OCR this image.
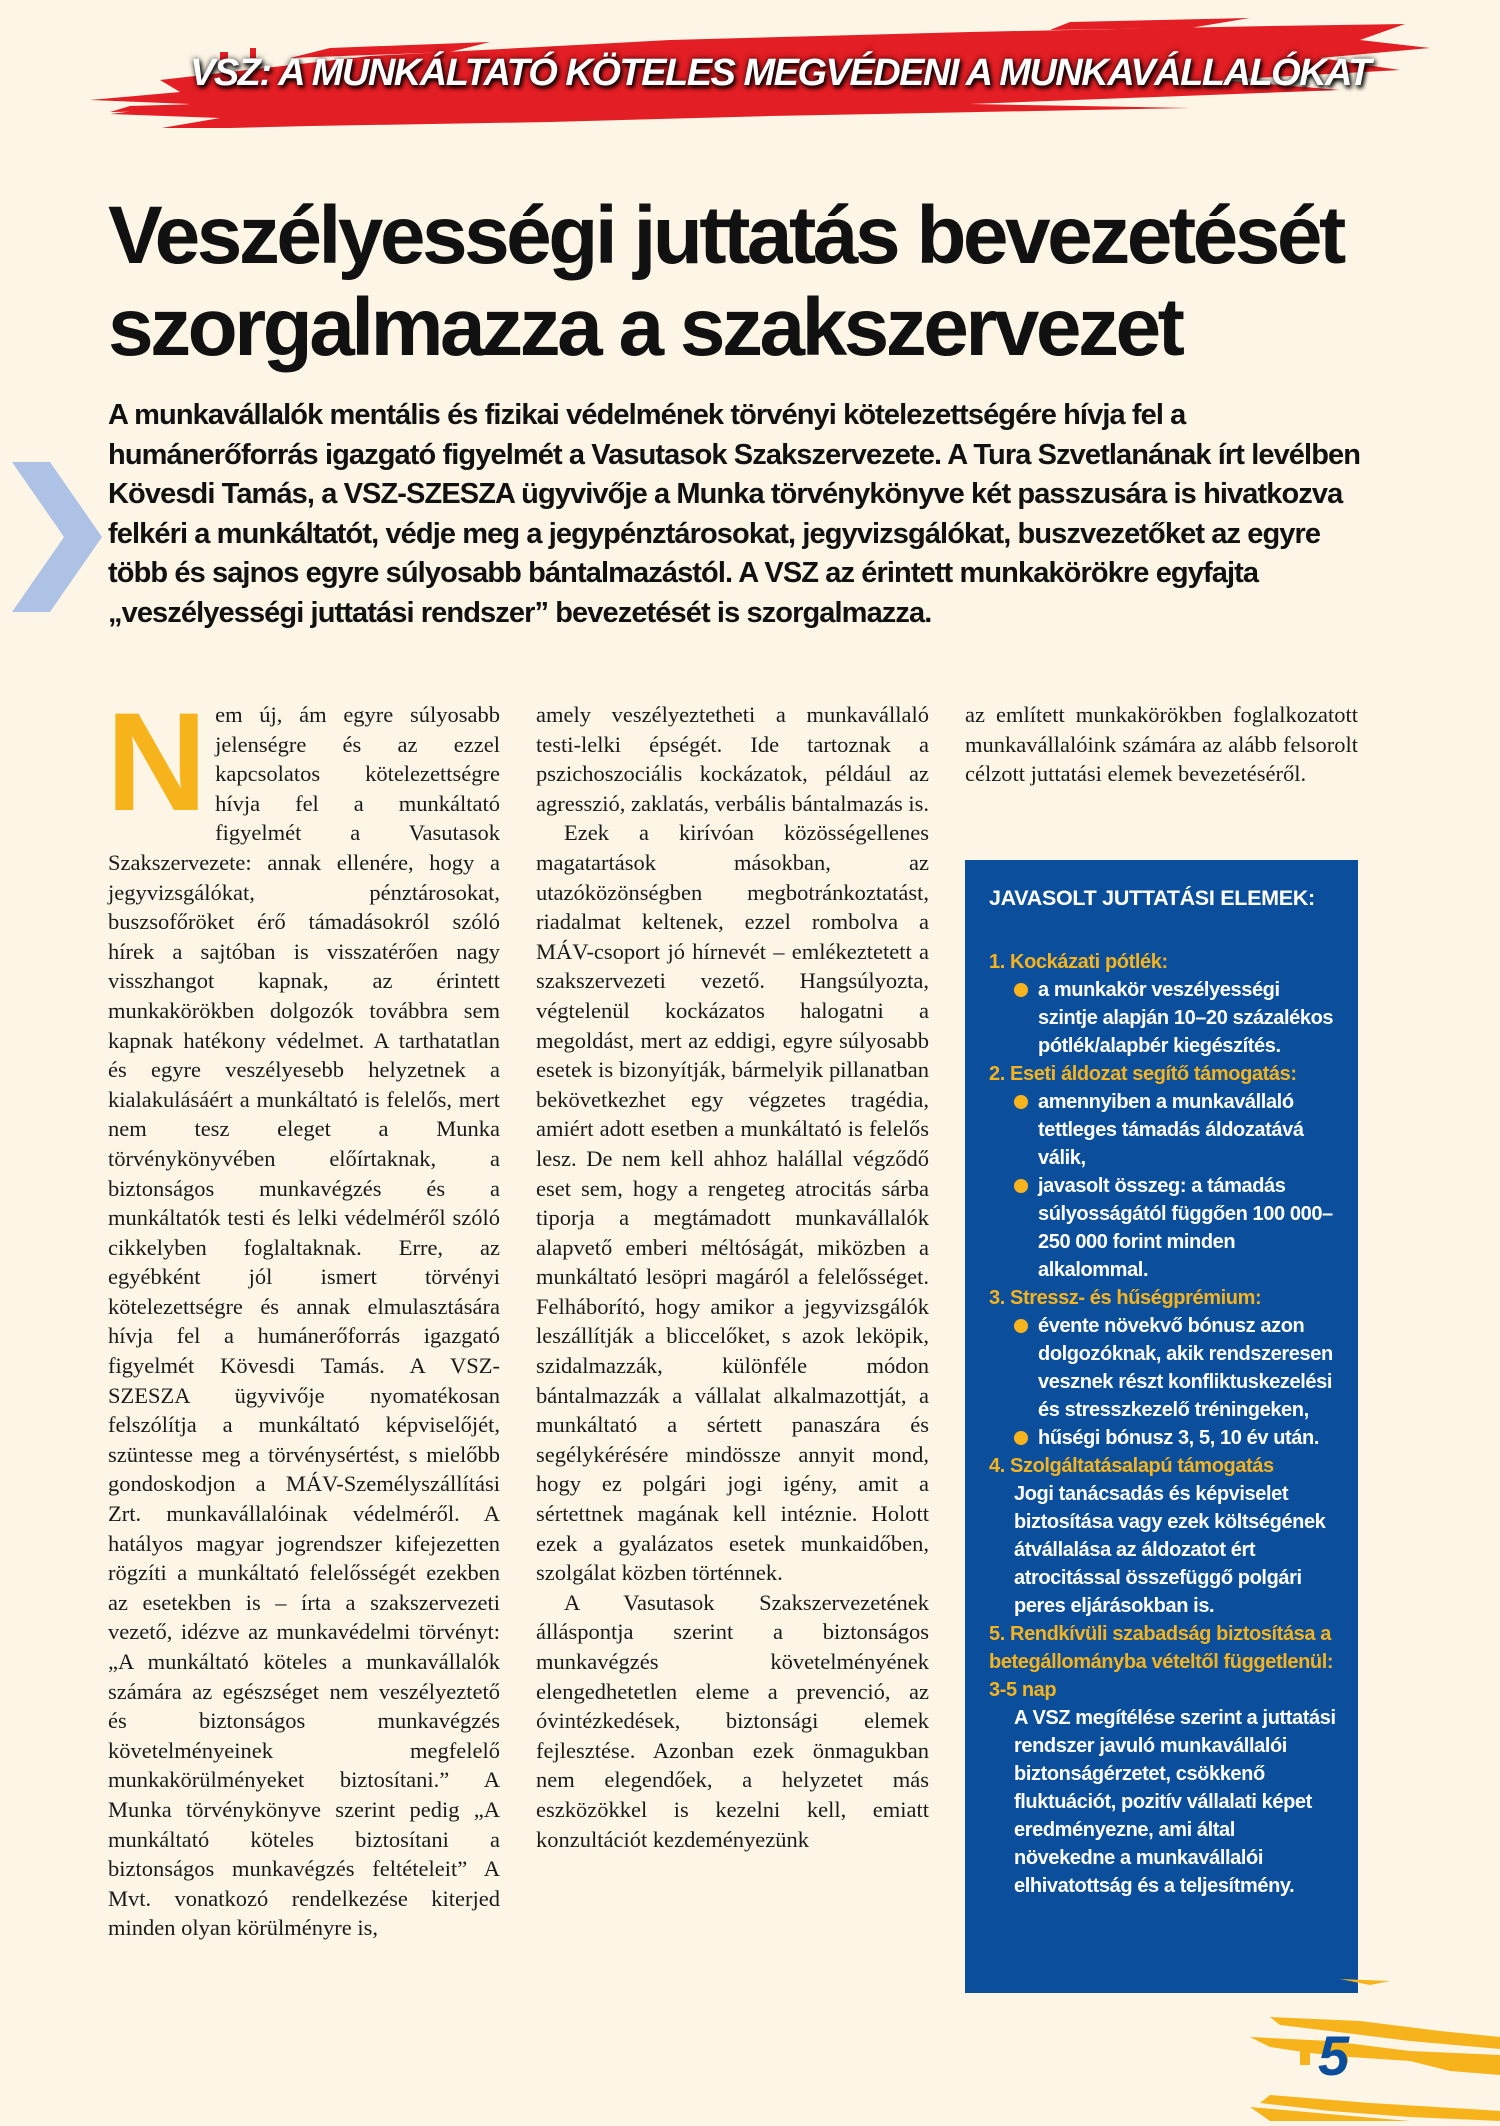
VSZ: A MUNKÁLTATÓ KÖTELES MEGVÉDENI A MUNKAVÁLLALÓKAT
Veszélyességi juttatás bevezetését
szorgalmazza a szakszervezet

A munkavállalók mentális és fizikai védelmének törvényi kötelezettségére hívja fel a humánerőforrás igazgató figyelmét a Vasutasok Szakszervezete. A Tura Szvetlanának írt levélben Kövesdi Tamás, a VSZ-SZESZA ügyvivője a Munka törvénykönyve két passzusára is hivatkozva felkéri a munkáltatót, védje meg a jegypénztárosokat, jegyvizsgálókat, buszvezetőket az egyre több és sajnos egyre súlyosabb bántalmazástól. A VSZ az érintett munkakörökre egyfajta „veszélyességi juttatási rendszer” bevezetését is szorgalmazza.

N em új, ám egyre súlyosabb jelenségre és az ezzel kapcsolatos kötelezettségre hívja fel a munkáltató figyelmét a Vasutasok Szakszervezete: annak ellenére, hogy a jegyvizsgálókat, pénztárosokat, buszsofőröket érő támadásokról szóló hírek a sajtóban is visszatérően nagy visszhangot kapnak, az érintett munkakörökben dolgozók továbbra sem kapnak hatékony védelmet. A tarthatatlan és egyre veszélyesebb helyzetnek a kialakulásáért a munkáltató is felelős, mert nem tesz eleget a Munka törvénykönyvében előírtaknak, a biztonságos munkavégzés és a munkáltatók testi és lelki védelméről szóló cikkelyben foglaltaknak. Erre, az egyébként jól ismert törvényi kötelezettségre és annak elmulasztására hívja fel a humánerőforrás igazgató figyelmét Kövesdi Tamás. A VSZ-SZESZA ügyvivője nyomatékosan felszólítja a munkáltató képviselőjét, szüntesse meg a törvénysértést, s mielőbb gondoskodjon a MÁV-Személyszállítási Zrt. munkavállalóinak védelméről. A hatályos magyar jogrendszer kifejezetten rögzíti a munkáltató felelősségét ezekben az esetekben is – írta a szakszervezeti vezető, idézve az munkavédelmi törvényt: „A munkáltató köteles a munkavállalók számára az egészséget nem veszélyeztető és biztonságos munkavégzés követelményeinek megfelelő munkakörülményeket biztosítani.” A Munka törvénykönyve szerint pedig „A munkáltató köteles biztosítani a biztonságos munkavégzés feltételeit” A Mvt. vonatkozó rendelkezése kiterjed minden olyan körülményre is,

amely veszélyeztetheti a munkavállaló testi-lelki épségét. Ide tartoznak a pszichoszociális kockázatok, például az agresszió, zaklatás, verbális bántalmazás is.

Ezek a kirívóan közösségellenes magatartások másokban, az utazóközönségben megbotránkoztatást, riadalmat keltenek, ezzel rombolva a MÁV-csoport jó hírnevét – emlékeztetett a szakszervezeti vezető. Hangsúlyozta, végtelenül kockázatos halogatni a megoldást, mert az eddigi, egyre súlyosabb esetek is bizonyítják, bármelyik pillanatban bekövetkezhet egy végzetes tragédia, amiért adott esetben a munkáltató is felelős lesz. De nem kell ahhoz halállal végződő eset sem, hogy a rengeteg atrocitás sárba tiporja a megtámadott munkavállalók alapvető emberi méltóságát, miközben a munkáltató lesöpri magáról a felelősséget. Felháborító, hogy amikor a jegyvizsgálók leszállítják a bliccelőket, s azok leköpik, szidalmazzák, különféle módon bántalmazzák a vállalat alkalmazottját, a munkáltató a sértett panaszára és segélykérésére mindössze annyit mond, hogy ez polgári jogi igény, amit a sértettnek magának kell intéznie. Holott ezek a gyalázatos esetek munkaidőben, szolgálat közben történnek.

A Vasutasok Szakszervezetének álláspontja szerint a biztonságos munkavégzés követelményének elengedhetetlen eleme a prevenció, az óvintézkedések, biztonsági elemek fejlesztése. Azonban ezek önmagukban nem elegendőek, a helyzetet más eszközökkel is kezelni kell, emiatt konzultációt kezdeményezünk

az említett munkakörökben foglalkozatott munkavállalóink számára az alább felsorolt célzott juttatási elemek bevezetéséről.

JAVASOLT JUTTATÁSI ELEMEK:

1. Kockázati pótlék:

a munkakör veszélyességi szintje alapján 10–20 százalékos pótlék/alapbér kiegészítés.

2. Eseti áldozat segítő támogatás:

amennyiben a munkavállaló tettleges támadás áldozatává válik,
javasolt összeg: a támadás súlyosságától függően 100 000–250 000 forint minden alkalommal.

3. Stressz- és hűségprémium:

évente növekvő bónusz azon dolgozóknak, akik rendszeresen vesznek részt konfliktuskezelési és stresszkezelő tréningeken,
hűségi bónusz 3, 5, 10 év után.

4. Szolgáltatásalapú támogatás

Jogi tanácsadás és képviselet biztosítása vagy ezek költségének átvállalása az áldozatot ért atrocitással összefüggő polgári peres eljárásokban is.

5. Rendkívüli szabadság biztosítása a betegállományba vételtől függetlenül: 3-5 nap

A VSZ megítélése szerint a juttatási rendszer javuló munkavállalói biztonságérzetet, csökkenő fluktuációt, pozitív vállalati képet eredményezne, ami által növekedne a munkavállalói elhivatottság és a teljesítmény.
5
